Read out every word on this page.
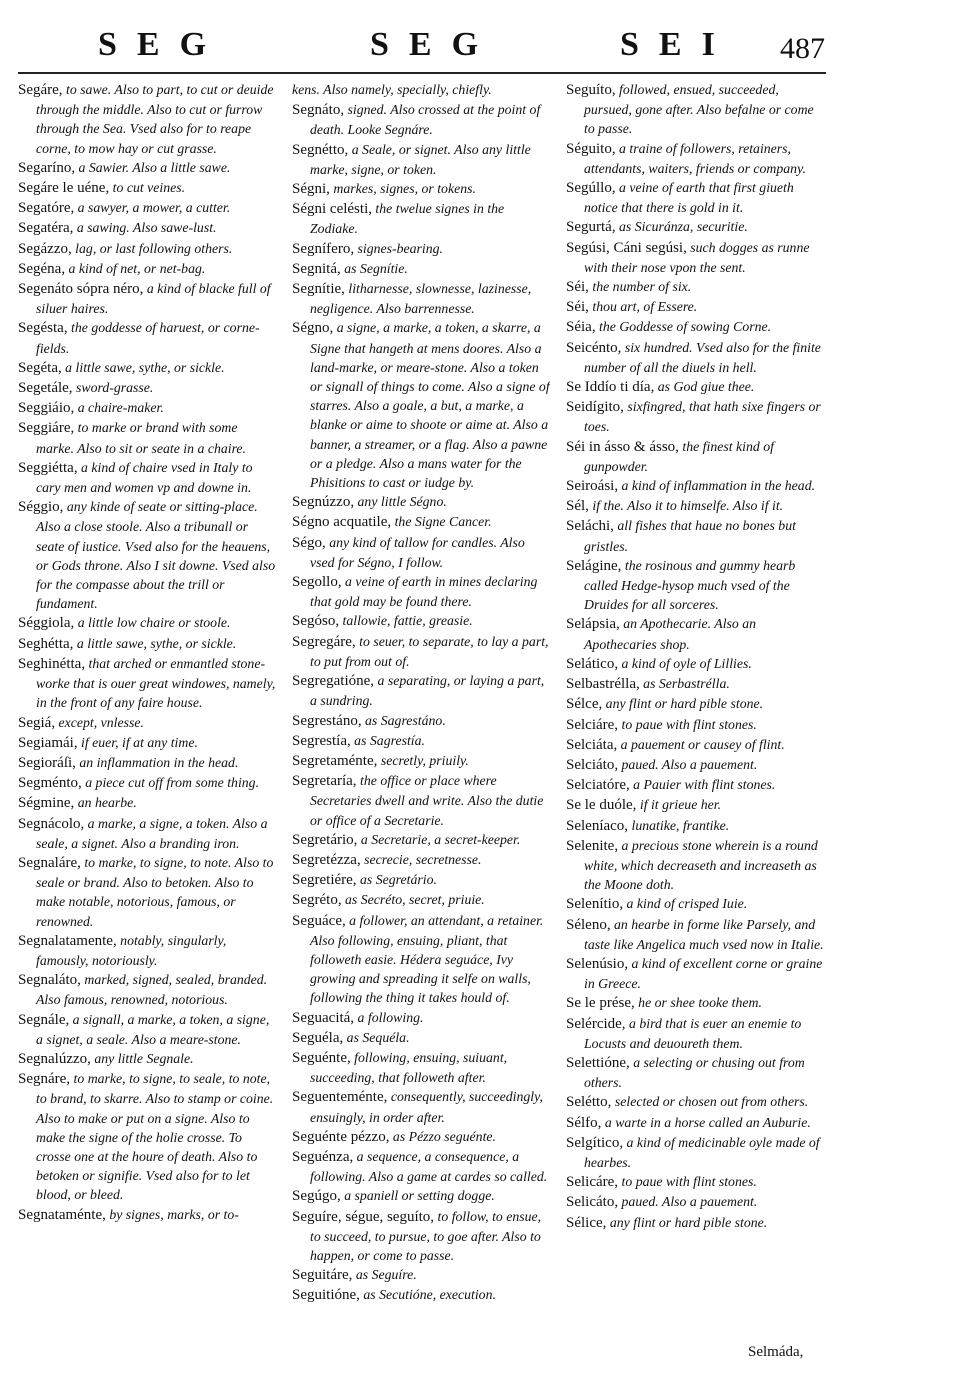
SEG	SEG	SEI 487

Segáre, to sawe. Also to part, to cut or deuide through the middle. Also to cut or furrow through the Sea. Vsed also for to reape corne, to mow hay or cut grasse.

Segaríno, a Sawier. Also a little sawe.

Segáre le uéne, to cut veines.

Segatóre, a sawyer, a mower, a cutter.

Segatéra, a sawing. Also sawe-lust.

Segázzo, lag, or last following others.

Segéna, a kind of net, or net-bag.

Segenáto sópra néro, a kind of blacke full of siluer haires.

Segésta, the goddesse of haruest, or corne-fields.

Segéta, a little sawe, sythe, or sickle.

Segetále, sword-grasse.

Seggiáio, a chaire-maker.

Seggiáre, to marke or brand with some marke. Also to sit or seate in a chaire.

Seggiétta, a kind of chaire vsed in Italy to cary men and women vp and downe in.

Séggio, any kinde of seate or sitting-place. Also a close stoole. Also a tribunall or seate of iustice. Vsed also for the heauens, or Gods throne. Also I sit downe. Vsed also for the compasse about the trill or fundament.

Séggiola, a little low chaire or stoole.

Seghétta, a little sawe, sythe, or sickle.

Seghinétta, that arched or enmantled stone-worke that is ouer great windowes, namely, in the front of any faire house.

Segiá, except, vnlesse.

Segiamái, if euer, if at any time.

Segioráſi, an inflammation in the head.

Segménto, a piece cut off from some thing.

Ségmine, an hearbe.

Segnácolo, a marke, a signe, a token. Also a seale, a signet. Also a branding iron.

Segnaláre, to marke, to signe, to note. Also to seale or brand. Also to betoken. Also to make notable, notorious, famous, or renowned.

Segnalatamente, notably, singularly, famously, notoriously.

Segnaláto, marked, signed, sealed, branded. Also famous, renowned, notorious.

Segnále, a signall, a marke, a token, a signe, a signet, a seale. Also a meare-stone.

Segnalúzzo, any little Segnale.

Segnáre, to marke, to signe, to seale, to note, to brand, to skarre. Also to stamp or coine. Also to make or put on a signe. Also to make the signe of the holie crosse. To crosse one at the houre of death. Also to betoken or signifie. Vsed also for to let blood, or bleed.

Segnataménte, by signes, marks, or to-

kens. Also namely, specially, chiefly.

Segnáto, signed. Also crossed at the point of death. Looke Segnáre.

Segnétto, a Seale, or signet. Also any little marke, signe, or token.

Ségni, markes, signes, or tokens.

Ségni celésti, the twelue signes in the Zodiake.

Segnífero, signes-bearing.

Segnitá, as Segnítie.

Segnítie, litharnesse, slownesse, lazinesse, negligence. Also barrennesse.

Ségno, a signe, a marke, a token, a skarre, a Signe that hangeth at mens doores. Also a land-marke, or meare-stone. Also a token or signall of things to come. Also a signe of starres. Also a goale, a but, a marke, a blanke or aime to shoote or aime at. Also a banner, a streamer, or a flag. Also a pawne or a pledge. Also a mans water for the Phisitions to cast or iudge by.

Segnúzzo, any little Ségno.

Ségno acquatile, the Signe Cancer.

Ségo, any kind of tallow for candles. Also vsed for Ségno, I follow.

Segollo, a veine of earth in mines declaring that gold may be found there.

Segóso, tallowie, fattie, greasie.

Segregáre, to seuer, to separate, to lay a part, to put from out of.

Segregatióne, a separating, or laying a part, a sundring.

Segrestáno, as Sagrestáno.

Segrestía, as Sagrestía.

Segretaménte, secretly, priuily.

Segretaría, the office or place where Secretaries dwell and write. Also the dutie or office of a Secretarie.

Segretário, a Secretarie, a secret-keeper.

Segretézza, secrecie, secretnesse.

Segretiére, as Segretário.

Segréto, as Secréto, secret, priuie.

Seguáce, a follower, an attendant, a retainer. Also following, ensuing, pliant, that followeth easie. Hédera seguáce, Ivy growing and spreading it selfe on walls, following the thing it takes hould of.

Seguacitá, a following.

Seguéla, as Sequéla.

Seguénte, following, ensuing, suiuant, succeeding, that followeth after.

Seguenteménte, consequently, succeedingly, ensuingly, in order after.

Seguénte pézzo, as Pézzo seguénte.

Seguénza, a sequence, a consequence, a following. Also a game at cardes so called.

Segúgo, a spaniell or setting dogge.

Seguíre, ségue, seguíto, to follow, to ensue, to succeed, to pursue, to goe after. Also to happen, or come to passe.

Seguitáre, as Seguíre.

Seguitióne, as Secutióne, execution.

Seguíto, followed, ensued, succeeded, pursued, gone after. Also befalne or come to passe.

Séguito, a traine of followers, retainers, attendants, waiters, friends or company.

Segúllo, a veine of earth that first giueth notice that there is gold in it.

Segurtá, as Sicuránza, securitie.

Segúsi, Cáni segúsi, such dogges as runne with their nose vpon the sent.

Séi, the number of six.

Séi, thou art, of Essere.

Séia, the Goddesse of sowing Corne.

Seicénto, six hundred. Vsed also for the finite number of all the diuels in hell.

Se Iddío ti día, as God giue thee.

Seidígito, sixfingred, that hath sixe fingers or toes.

Séi in ásso & ásso, the finest kind of gunpowder.

Seiroási, a kind of inflammation in the head.

Sél, if the. Also it to himselfe. Also if it.

Seláchi, all fishes that haue no bones but gristles.

Selágine, the rosinous and gummy hearb called Hedge-hysop much vsed of the Druides for all sorceres.

Selápsia, an Apothecarie. Also an Apothecaries shop.

Selático, a kind of oyle of Lillies.

Selbastrélla, as Serbastrélla.

Sélce, any flint or hard pible stone.

Selciáre, to paue with flint stones.

Selciáta, a pauement or causey of flint.

Selciáto, paued. Also a pauement.

Selciatóre, a Pauier with flint stones.

Se le duóle, if it grieue her.

Seleníaco, lunatike, frantike.

Selenite, a precious stone wherein is a round white, which decreaseth and increaseth as the Moone doth.

Selenítio, a kind of crisped Iuie.

Séleno, an hearbe in forme like Parsely, and taste like Angelica much vsed now in Italie.

Selenúsio, a kind of excellent corne or graine in Greece.

Se le prése, he or shee tooke them.

Selércide, a bird that is euer an enemie to Locusts and deuoureth them.

Selettióne, a selecting or chusing out from others.

Selétto, selected or chosen out from others.

Sélfo, a warte in a horse called an Auburie.

Selgítico, a kind of medicinable oyle made of hearbes.

Selicáre, to paue with flint stones.

Selicáto, paued. Also a pauement.

Sélice, any flint or hard pible stone.

Selmáda,
